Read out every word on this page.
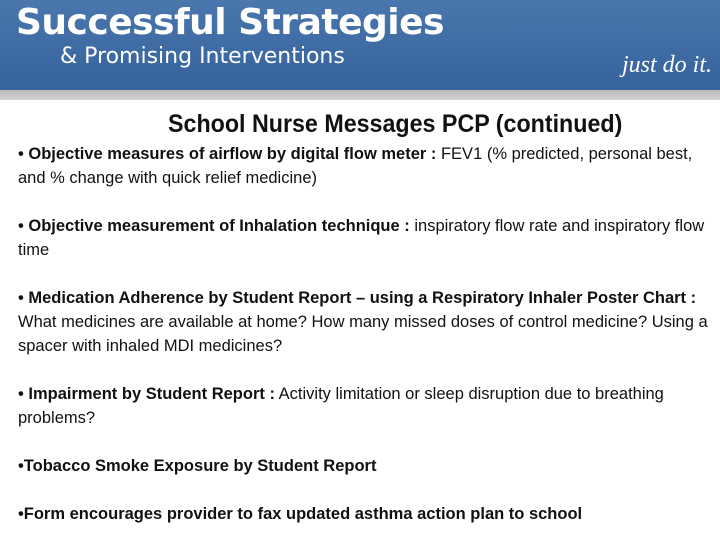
Successful Strategies
& Promising Interventions	just do it.
School Nurse Messages PCP (continued)

• Objective measures of airflow by digital flow meter : FEV1 (% predicted, personal best, and % change with quick relief medicine)

• Objective measurement of Inhalation technique : inspiratory flow rate and inspiratory flow time

• Medication Adherence by Student Report – using a Respiratory Inhaler Poster Chart : What medicines are available at home? How many missed doses of control medicine? Using a spacer with inhaled MDI medicines?

• Impairment by Student Report : Activity limitation or sleep disruption due to breathing problems?

•Tobacco Smoke Exposure by Student Report

•Form encourages provider to fax updated asthma action plan to school
